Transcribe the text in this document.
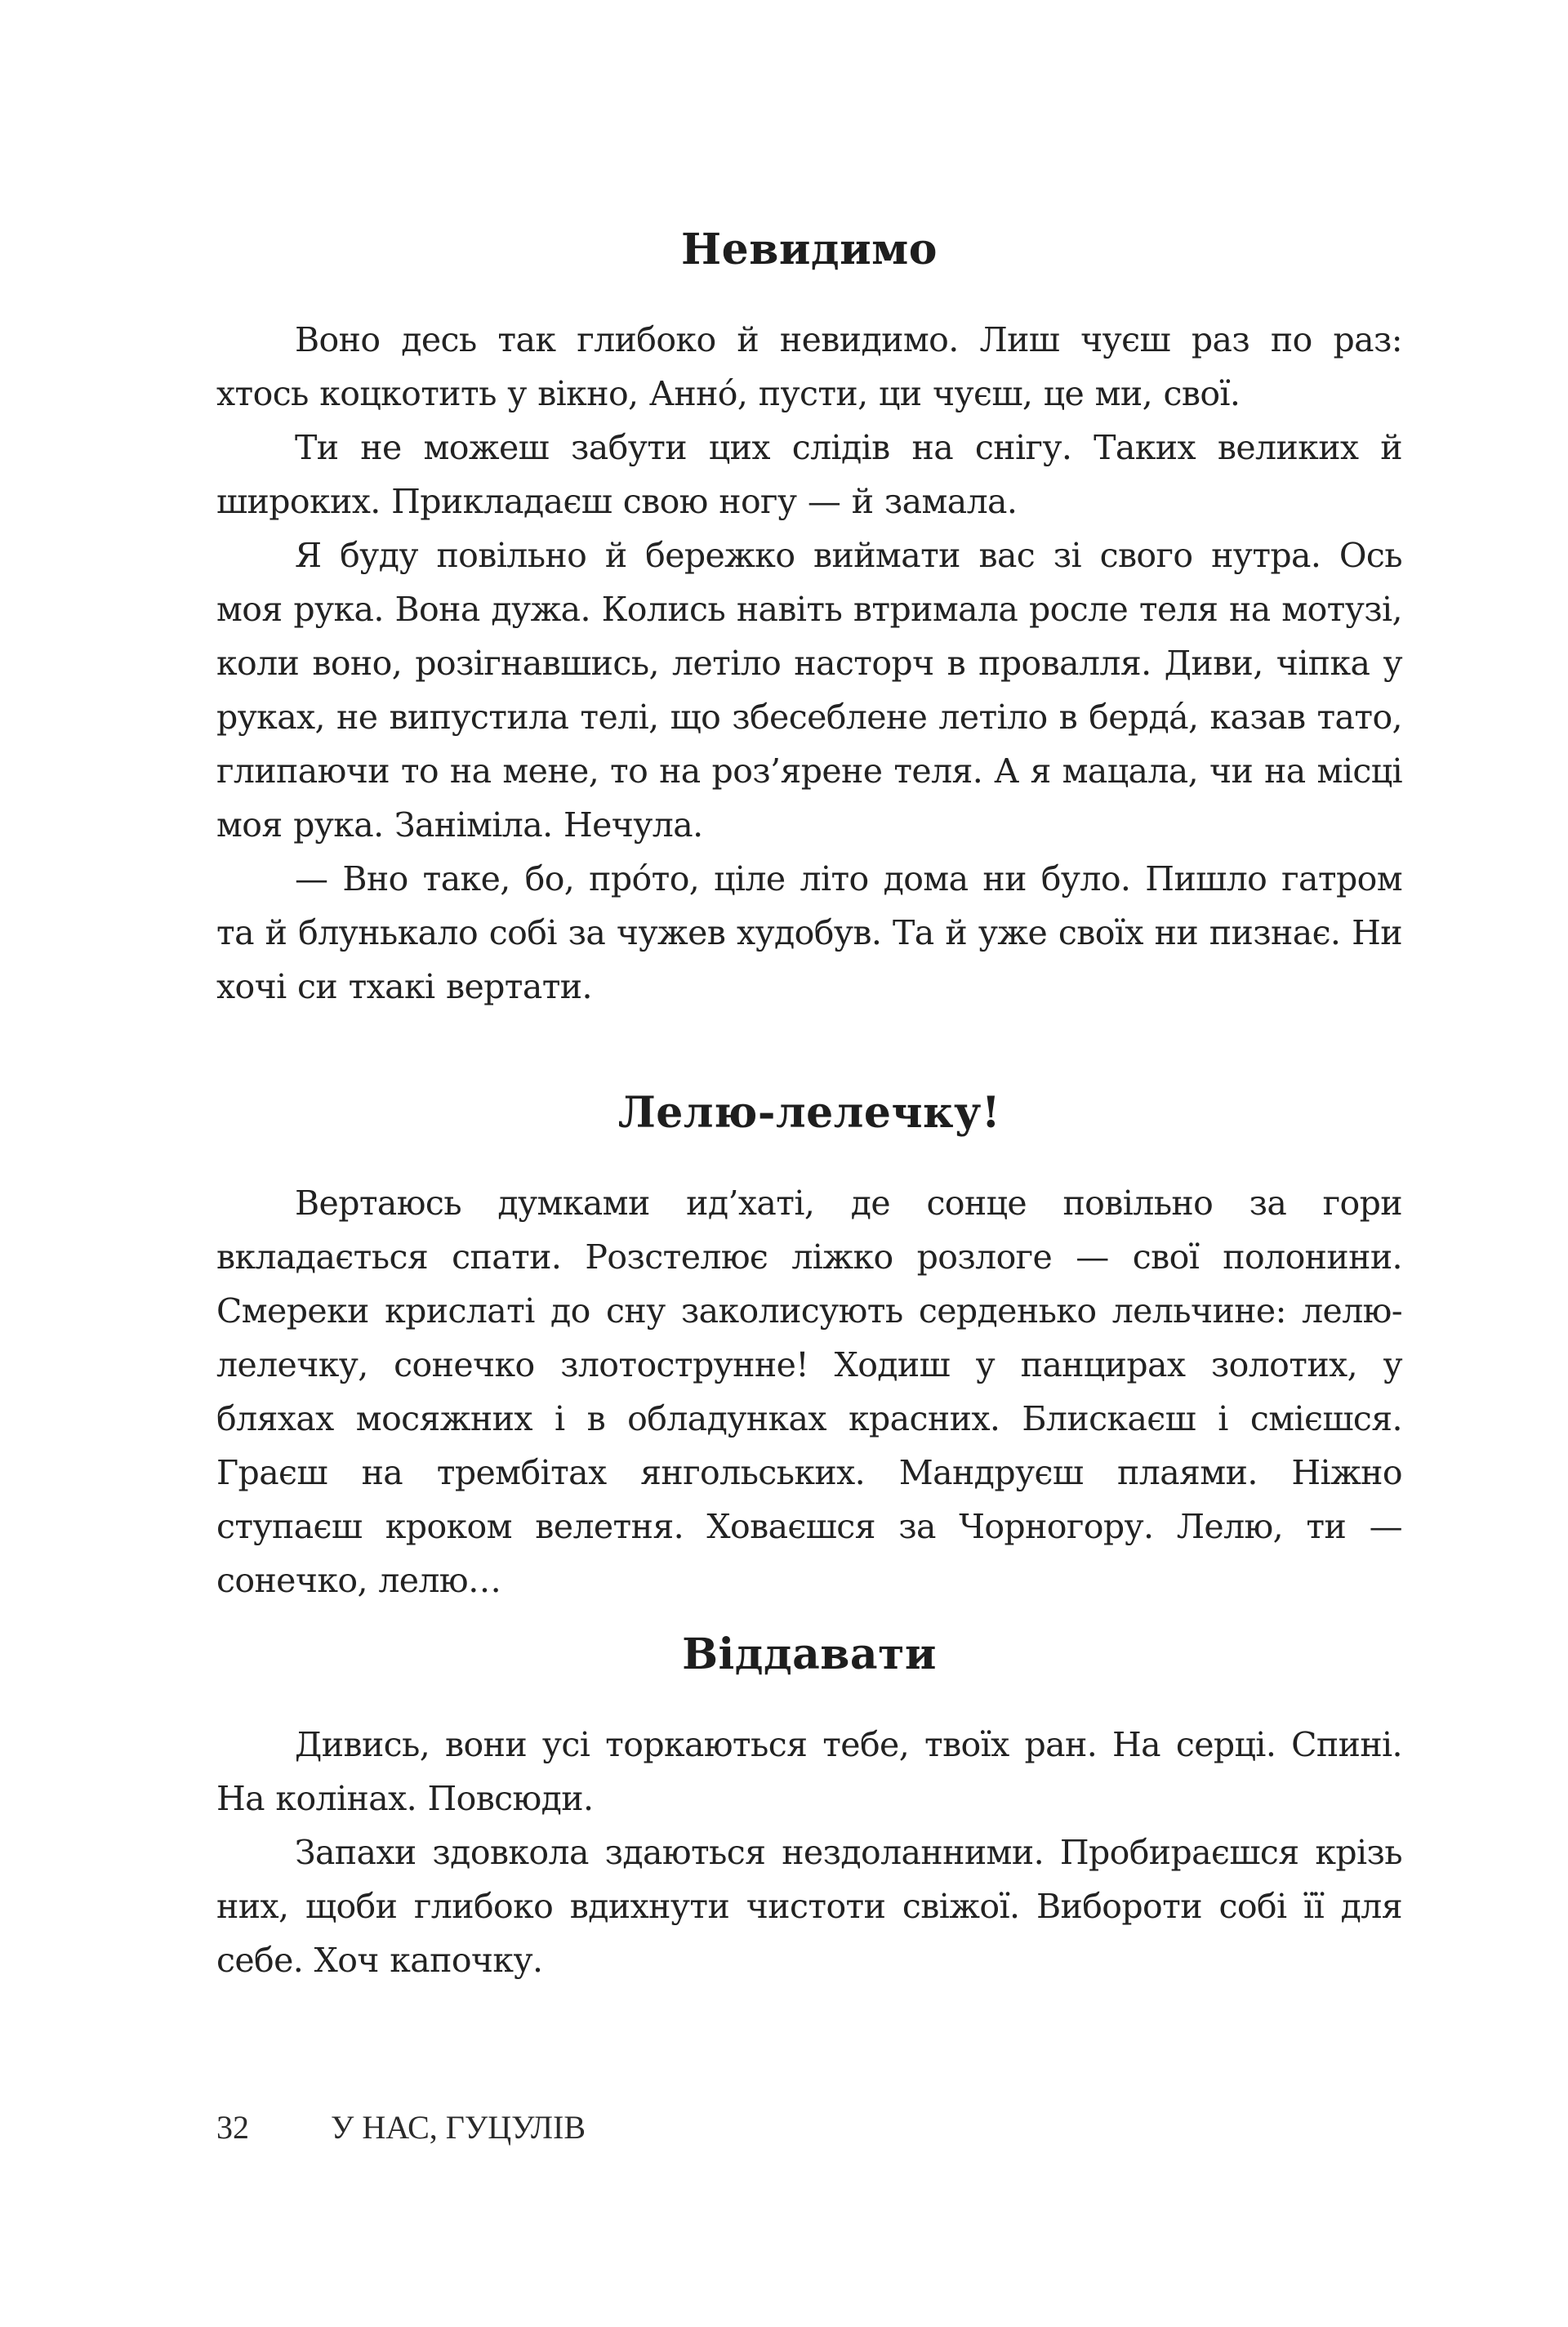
Невидимо

Воно десь так глибоко й невидимо. Лиш чуєш раз по раз: хтось коцкотить у вікно, Аннó, пусти, ци чуєш, це ми, свої.

Ти не можеш забути цих слідів на снігу. Таких великих й широких. Прикладаєш свою ногу — й замала.

Я буду повільно й бережко виймати вас зі свого нутра. Ось моя рука. Вона дужа. Колись навіть втримала росле теля на мотузі, коли воно, розігнавшись, летіло насторч в провалля. Диви, чіпка у руках, не випустила телі, що збесеблене летіло в бердá, казав тато, глипаючи то на мене, то на роз’ярене теля. А я мацала, чи на місці моя рука. Заніміла. Нечула.

— Вно таке, бо, прóто, ціле літо дома ни було. Пишло гатром та й блунькало собі за чужев худобув. Та й уже своїх ни пизнає. Ни хочі си тхакі вертати.

Лелю-лелечку!

Вертаюсь думками ид’хаті, де сонце повільно за гори вкладається спати. Розстелює ліжко розлоге — свої полонини. Смереки крислаті до сну заколисують серденько лельчине: лелю-лелечку, сонечко злотострунне! Ходиш у панцирах золотих, у бляхах мосяжних і в обладунках красних. Блискаєш і смієшся. Граєш на трембітах янгольських. Мандруєш плаями. Ніжно ступаєш кроком велетня. Ховаєшся за Чорногору. Лелю, ти — сонечко, лелю…

Віддавати

Дивись, вони усі торкаються тебе, твоїх ран. На серці. Спині. На колінах. Повсюди.

Запахи здовкола здаються нездоланними. Пробираєшся крізь них, щоби глибоко вдихнути чистоти свіжої. Вибороти собі її для себе. Хоч капочку.

32	У НАС, ГУЦУЛІВ
